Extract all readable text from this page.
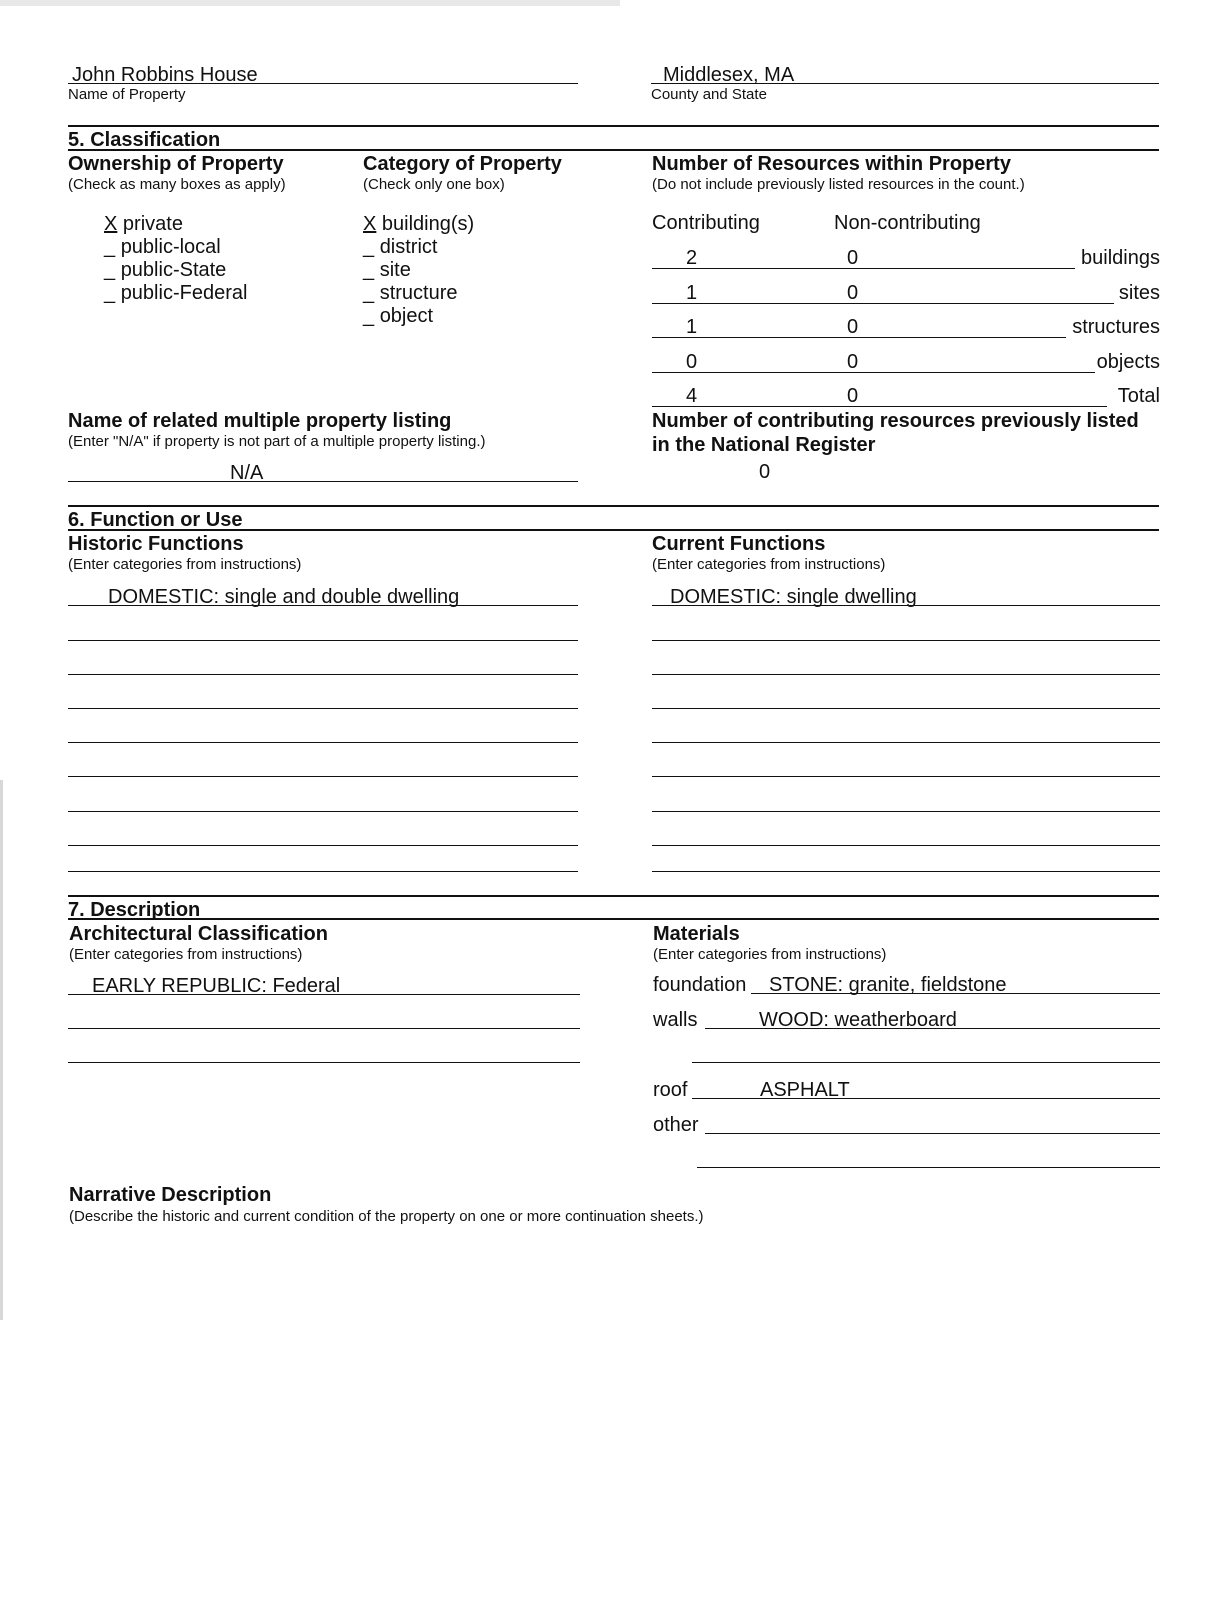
John Robbins House
Name of Property
Middlesex, MA
County and State
5. Classification
Ownership of Property
(Check as many boxes as apply)
X private
_ public-local
_ public-State
_ public-Federal
Category of Property
(Check only one box)
X building(s)
_ district
_ site
_ structure
_ object
Number of Resources within Property
(Do not include previously listed resources in the count.)
Contributing	Non-contributing
2	0	buildings
1	0	sites
1	0	structures
0	0	objects
4	0	Total
Name of related multiple property listing
(Enter "N/A" if property is not part of a multiple property listing.)
N/A
Number of contributing resources previously listed
in the National Register
0
6. Function or Use
Historic Functions
(Enter categories from instructions)
DOMESTIC: single and double dwelling
Current Functions
(Enter categories from instructions)
DOMESTIC: single dwelling
7. Description
Architectural Classification
(Enter categories from instructions)
EARLY REPUBLIC: Federal
Materials
(Enter categories from instructions)
foundation STONE: granite, fieldstone
walls	WOOD: weatherboard
roof	ASPHALT
other
Narrative Description
(Describe the historic and current condition of the property on one or more continuation sheets.)
